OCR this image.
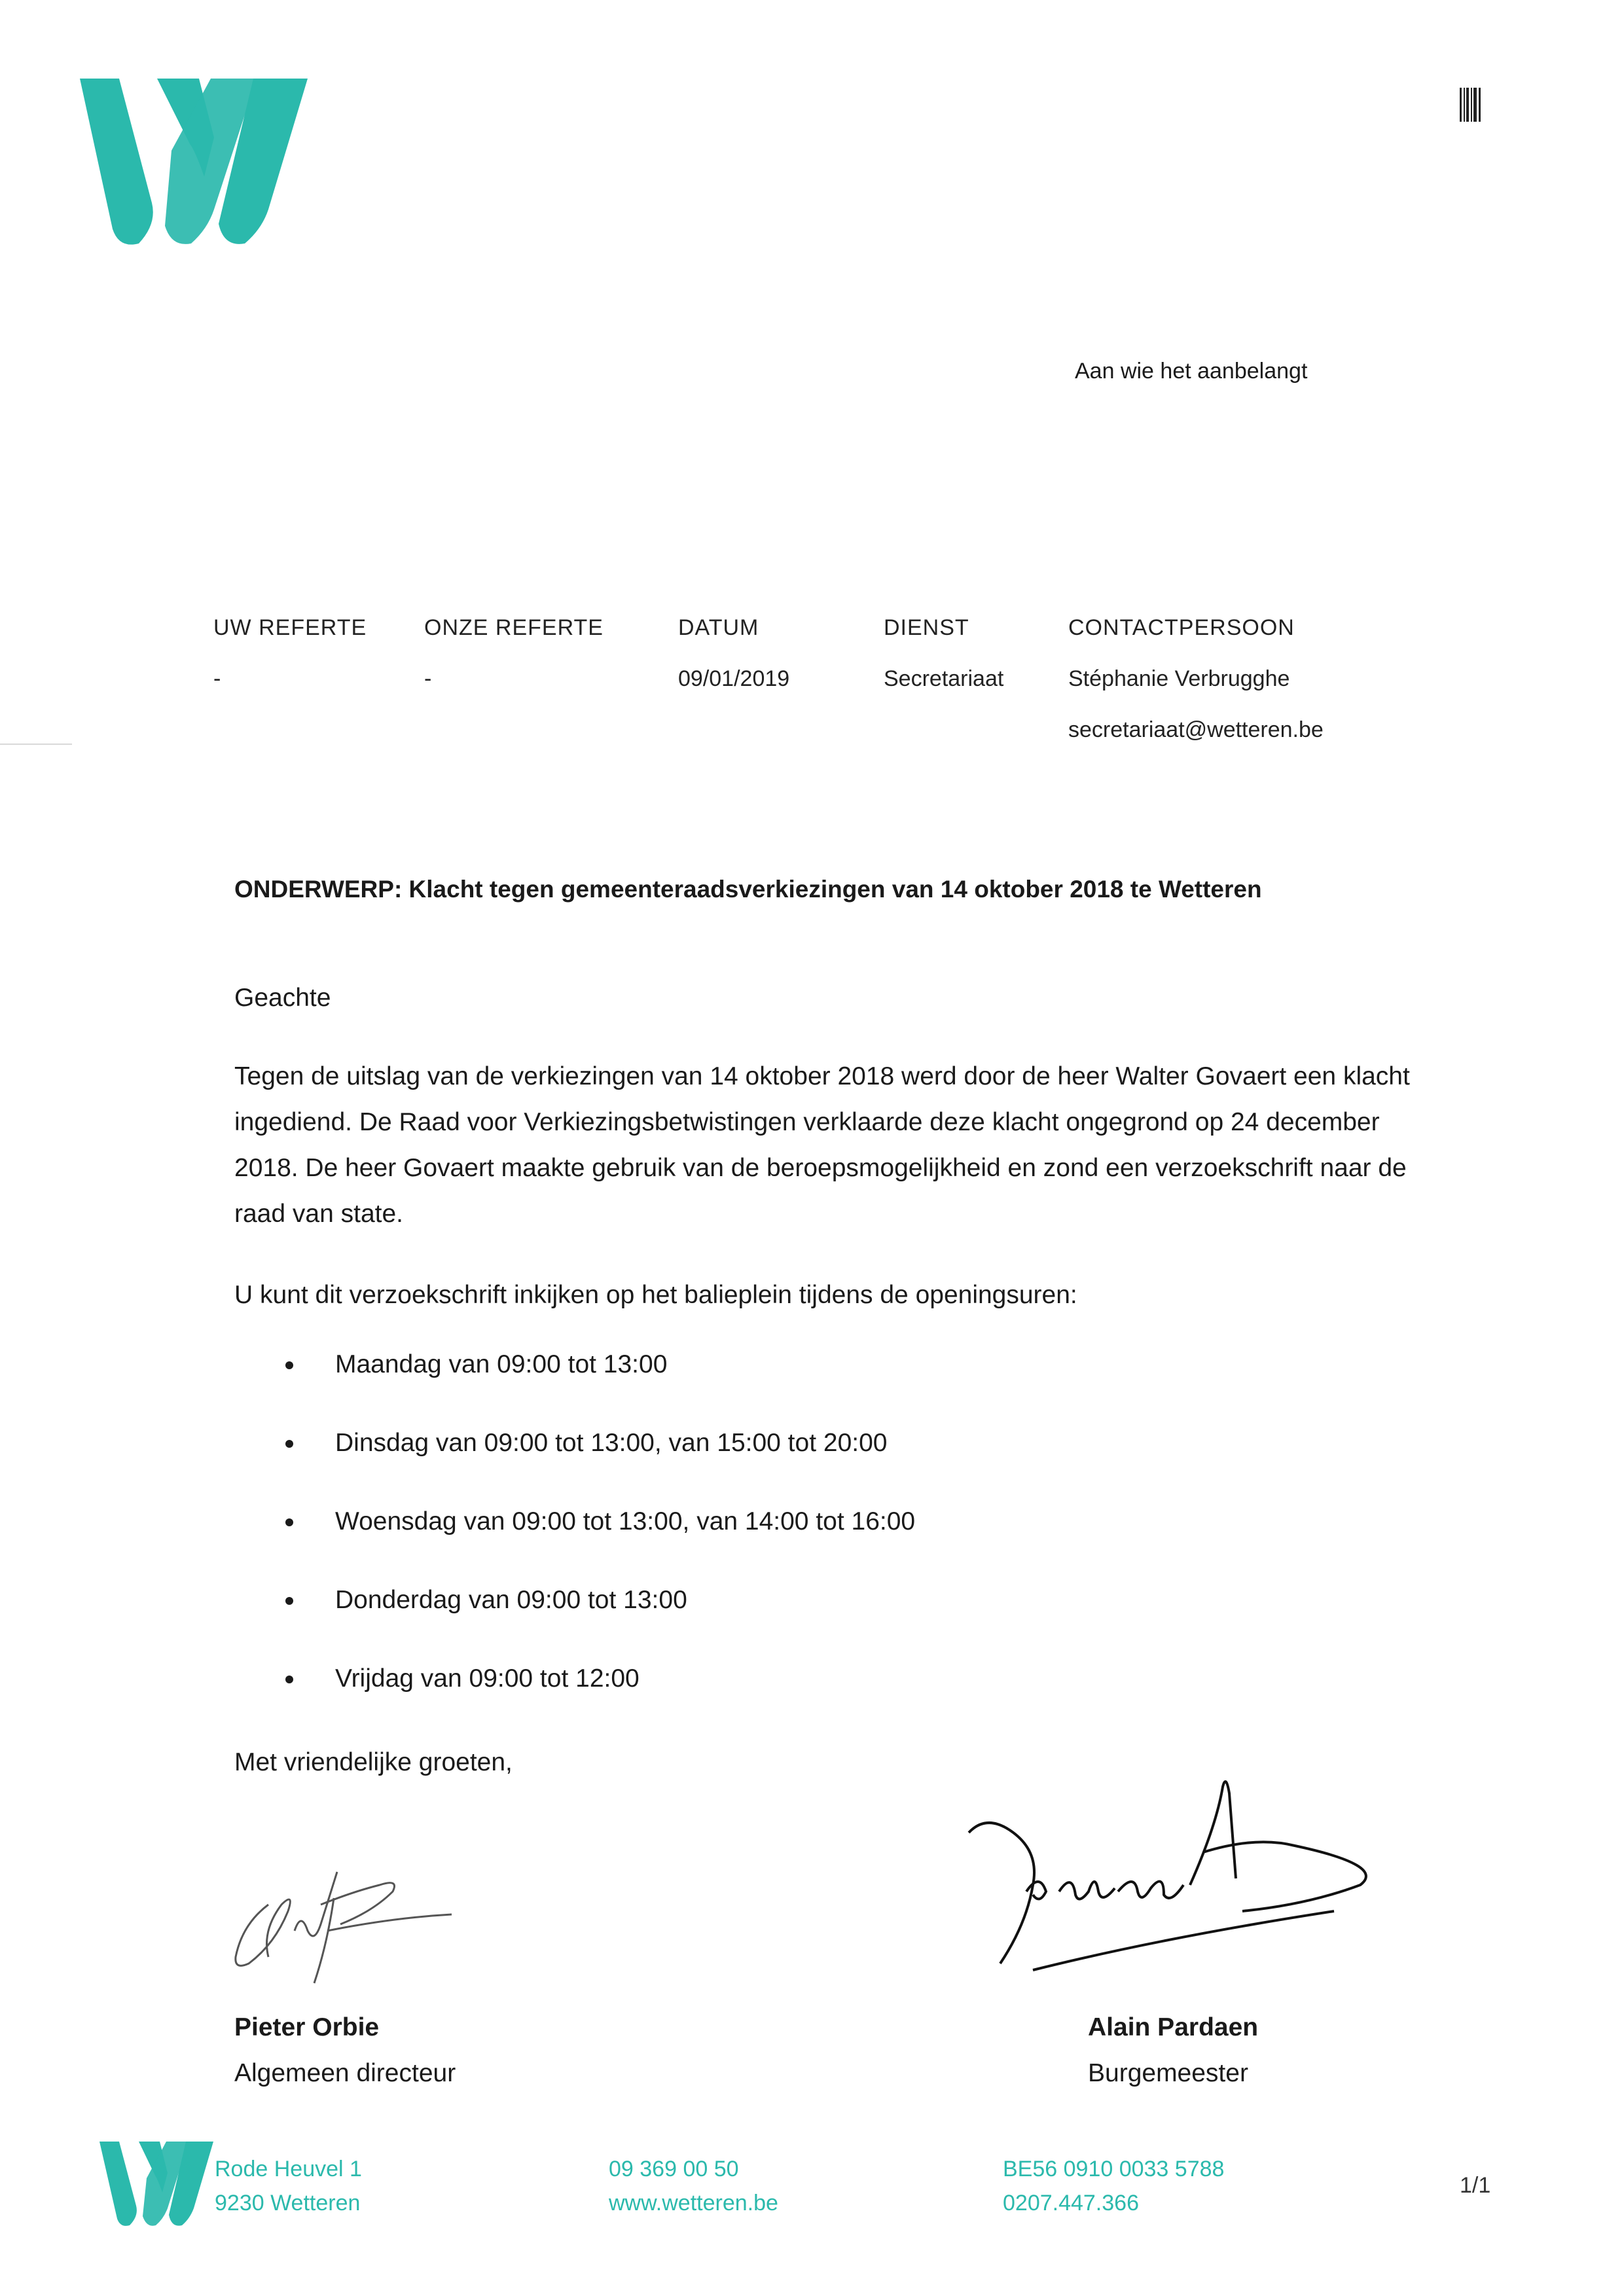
Aan wie het aanbelangt
UW REFERTE
-
ONZE REFERTE
-
DATUM
09/01/2019
DIENST
Secretariaat
CONTACTPERSOON
Stéphanie Verbrugghe
secretariaat@wetteren.be
ONDERWERP: Klacht tegen gemeenteraadsverkiezingen van 14 oktober 2018 te Wetteren
Geachte
Tegen de uitslag van de verkiezingen van 14 oktober 2018 werd door de heer Walter Govaert een klacht ingediend. De Raad voor Verkiezingsbetwistingen verklaarde deze klacht ongegrond op 24 december 2018. De heer Govaert maakte gebruik van de beroepsmogelijkheid en zond een verzoekschrift naar de raad van state.
U kunt dit verzoekschrift inkijken op het balieplein tijdens de openingsuren:
Maandag van 09:00 tot 13:00
Dinsdag van 09:00 tot 13:00, van 15:00 tot 20:00
Woensdag van 09:00 tot 13:00, van 14:00 tot 16:00
Donderdag van 09:00 tot 13:00
Vrijdag van 09:00 tot 12:00
Met vriendelijke groeten,
Pieter Orbie
Algemeen directeur
Alain Pardaen
Burgemeester
Rode Heuvel 1
9230 Wetteren
09 369 00 50
www.wetteren.be
BE56 0910 0033 5788
0207.447.366
1/1
